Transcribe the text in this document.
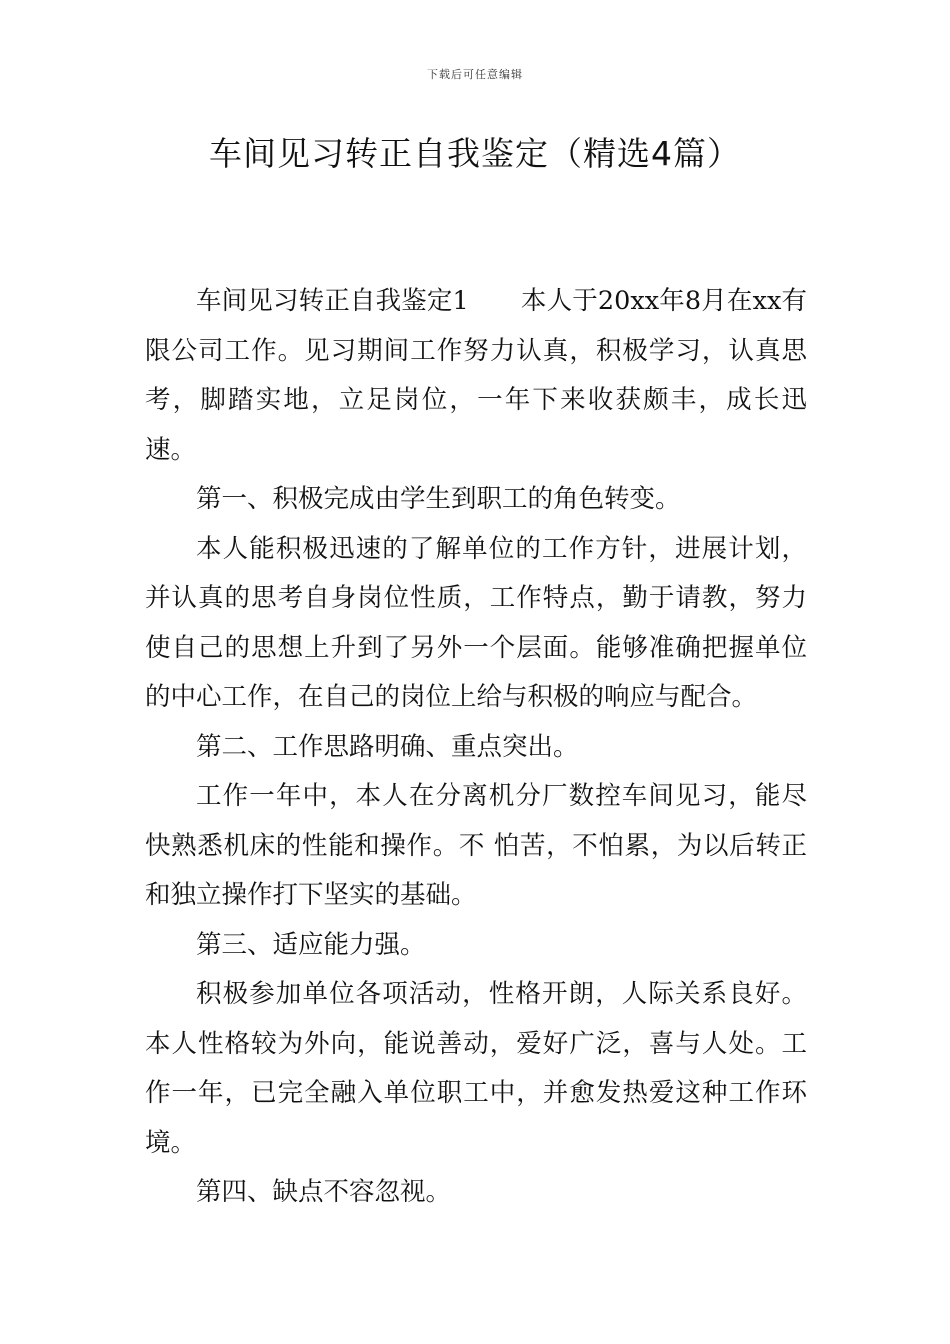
下载后可任意编辑
车间见习转正自我鉴定（精选4篇）

车间见习转正自我鉴定1 本人于20xx年8月在xx有限公司工作。见习期间工作努力认真，积极学习，认真思考，脚踏实地，立足岗位，一年下来收获颇丰，成长迅速。

第一、积极完成由学生到职工的角色转变。

本人能积极迅速的了解单位的工作方针，进展计划，并认真的思考自身岗位性质，工作特点，勤于请教，努力使自己的思想上升到了另外一个层面。能够准确把握单位的中心工作，在自己的岗位上给与积极的响应与配合。

第二、工作思路明确、重点突出。

工作一年中，本人在分离机分厂数控车间见习，能尽快熟悉机床的性能和操作。不 怕苦，不怕累，为以后转正和独立操作打下坚实的基础。

第三、适应能力强。

积极参加单位各项活动，性格开朗，人际关系良好。本人性格较为外向，能说善动，爱好广泛，喜与人处。工作一年，已完全融入单位职工中，并愈发热爱这种工作环境。

第四、缺点不容忽视。
